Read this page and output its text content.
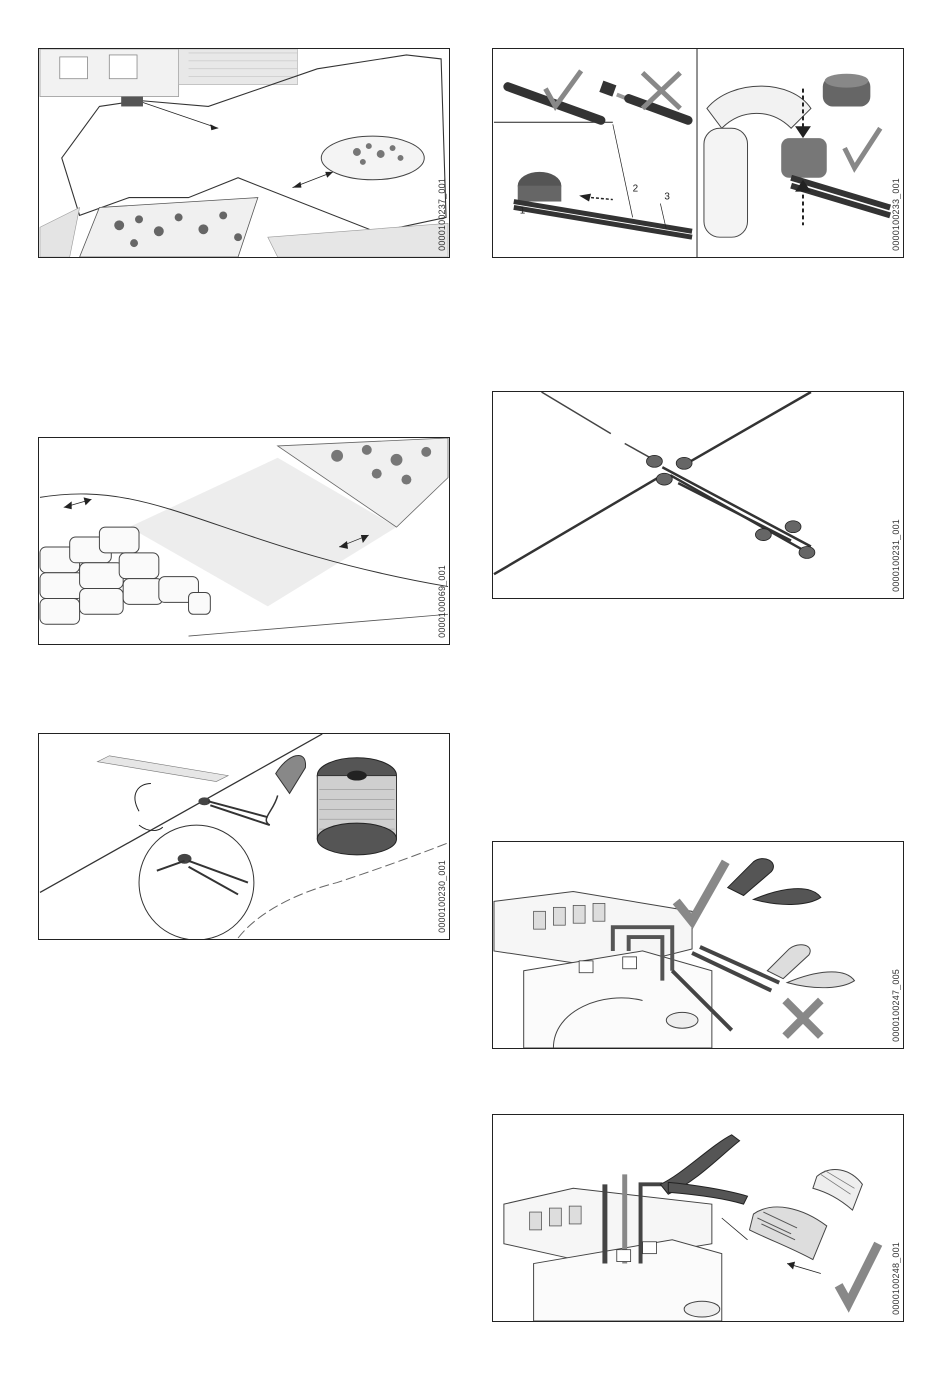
0000100237_001	1
2
3	0000100233_001
0000100069_001
0000100231_001
0000100230_001
0000100247_005
0000100248_001
